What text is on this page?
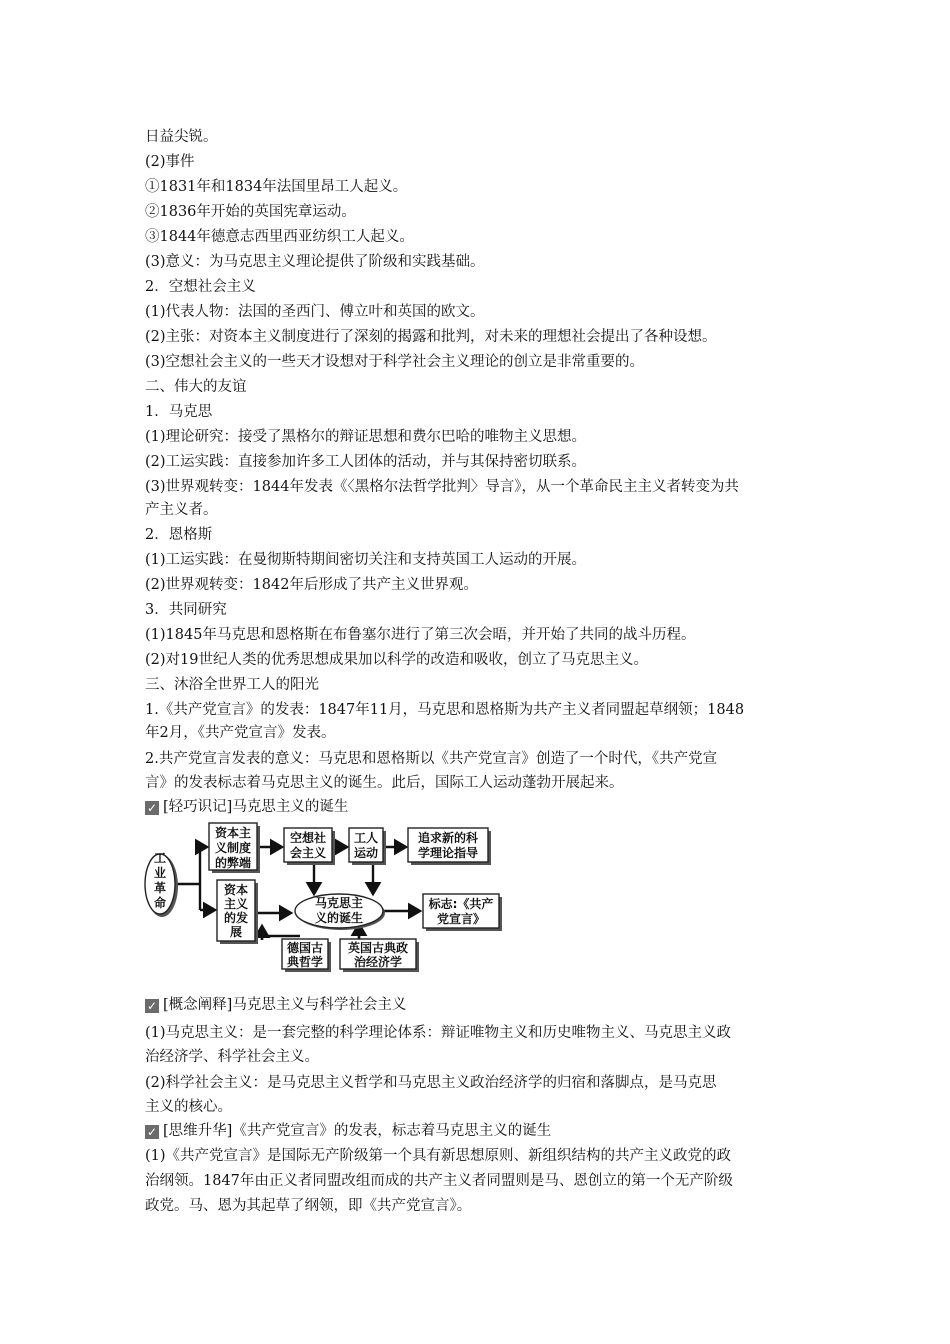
日益尖锐。
(2)事件
①1831年和1834年法国里昂工人起义。
②1836年开始的英国宪章运动。
③1844年德意志西里西亚纺织工人起义。
(3)意义：为马克思主义理论提供了阶级和实践基础。
2．空想社会主义
(1)代表人物：法国的圣西门、傅立叶和英国的欧文。
(2)主张：对资本主义制度进行了深刻的揭露和批判，对未来的理想社会提出了各种设想。
(3)空想社会主义的一些天才设想对于科学社会主义理论的创立是非常重要的。
二、伟大的友谊
1．马克思
(1)理论研究：接受了黑格尔的辩证思想和费尔巴哈的唯物主义思想。
(2)工运实践：直接参加许多工人团体的活动，并与其保持密切联系。
(3)世界观转变：1844年发表《〈黑格尔法哲学批判〉导言》，从一个革命民主主义者转变为共
产主义者。
2．恩格斯
(1)工运实践：在曼彻斯特期间密切关注和支持英国工人运动的开展。
(2)世界观转变：1842年后形成了共产主义世界观。
3．共同研究
(1)1845年马克思和恩格斯在布鲁塞尔进行了第三次会晤，并开始了共同的战斗历程。
(2)对19世纪人类的优秀思想成果加以科学的改造和吸收，创立了马克思主义。
三、沐浴全世界工人的阳光
1.《共产党宣言》的发表：1847年11月，马克思和恩格斯为共产主义者同盟起草纲领；1848
年2月，《共产党宣言》发表。
2.共产党宣言发表的意义：马克思和恩格斯以《共产党宣言》创造了一个时代，《共产党宣
言》的发表标志着马克思主义的诞生。此后，国际工人运动蓬勃开展起来。
✓ [轻巧识记]马克思主义的诞生
工
业
革
命
资本主
义制度
的弊端
空想社
会主义
工人
运动
追求新的科
学理论指导
资本
主义
的发
展
马克思主
义的诞生
标志:《共产
党宣言》
德国古
典哲学
英国古典政
治经济学
✓ [概念阐释]马克思主义与科学社会主义
(1)马克思主义：是一套完整的科学理论体系：辩证唯物主义和历史唯物主义、马克思主义政
治经济学、科学社会主义。
(2)科学社会主义：是马克思主义哲学和马克思主义政治经济学的归宿和落脚点，是马克思
主义的核心。
✓ [思维升华]《共产党宣言》的发表，标志着马克思主义的诞生
(1)《共产党宣言》是国际无产阶级第一个具有新思想原则、新组织结构的共产主义政党的政
治纲领。1847年由正义者同盟改组而成的共产主义者同盟则是马、恩创立的第一个无产阶级
政党。马、恩为其起草了纲领，即《共产党宣言》。
